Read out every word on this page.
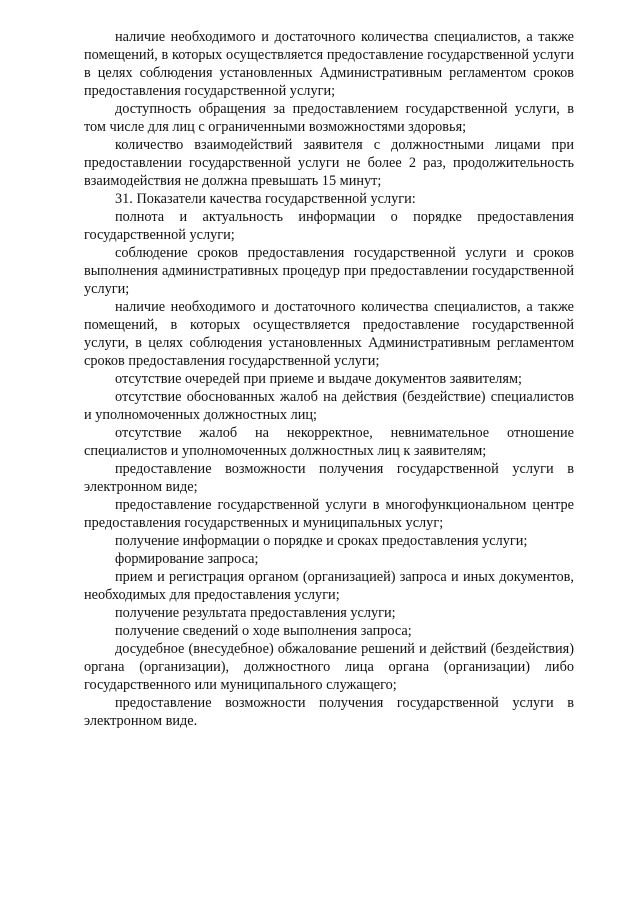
наличие необходимого и достаточного количества специалистов, а также помещений, в которых осуществляется предоставление государственной услуги в целях соблюдения установленных Административным регламентом сроков предоставления государственной услуги;

доступность обращения за предоставлением государственной услуги, в том числе для лиц с ограниченными возможностями здоровья;

количество взаимодействий заявителя с должностными лицами при предоставлении государственной услуги не более 2 раз, продолжительность взаимодействия не должна превышать 15 минут;

31. Показатели качества государственной услуги:

полнота и актуальность информации о порядке предоставления государственной услуги;

соблюдение сроков предоставления государственной услуги и сроков выполнения административных процедур при предоставлении государственной услуги;

наличие необходимого и достаточного количества специалистов, а также помещений, в которых осуществляется предоставление государственной услуги, в целях соблюдения установленных Административным регламентом сроков предоставления государственной услуги;

отсутствие очередей при приеме и выдаче документов заявителям;

отсутствие обоснованных жалоб на действия (бездействие) специалистов и уполномоченных должностных лиц;

отсутствие жалоб на некорректное, невнимательное отношение специалистов и уполномоченных должностных лиц к заявителям;

предоставление возможности получения государственной услуги в электронном виде;

предоставление государственной услуги в многофункциональном центре предоставления государственных и муниципальных услуг;

получение информации о порядке и сроках предоставления услуги;

формирование запроса;

прием и регистрация органом (организацией) запроса и иных документов, необходимых для предоставления услуги;

получение результата предоставления услуги;

получение сведений о ходе выполнения запроса;

досудебное (внесудебное) обжалование решений и действий (бездействия) органа (организации), должностного лица органа (организации) либо государственного или муниципального служащего;

предоставление возможности получения государственной услуги в электронном виде.
